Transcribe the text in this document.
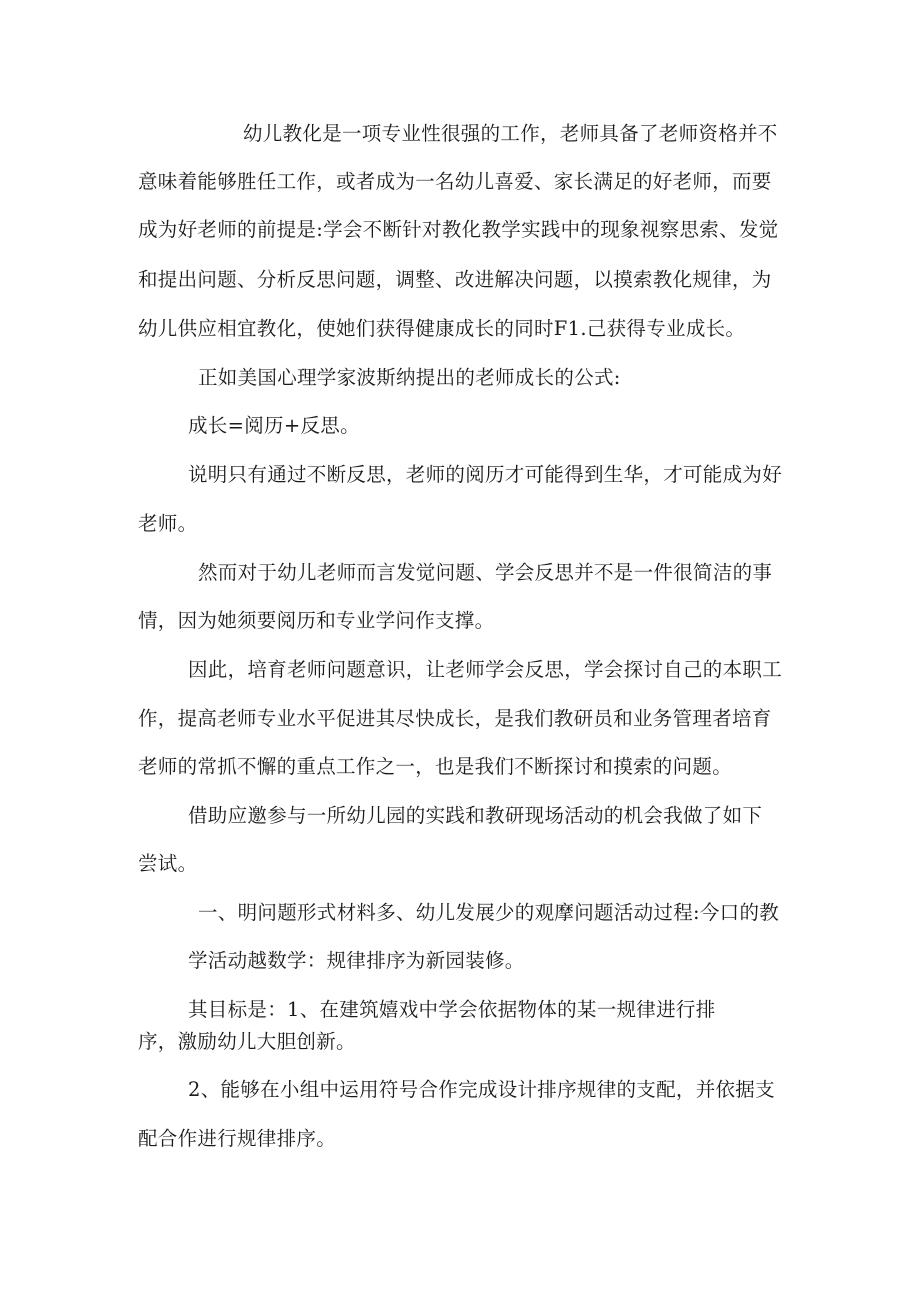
幼儿教化是一项专业性很强的工作，老师具备了老师资格并不
意味着能够胜任工作，或者成为一名幼儿喜爱、家长满足的好老师，而要
成为好老师的前提是:学会不断针对教化教学实践中的现象视察思索、发觉
和提出问题、分析反思问题，调整、改进解决问题，以摸索教化规律，为
幼儿供应相宜教化，使她们获得健康成长的同时F1.己获得专业成长。
正如美国心理学家波斯纳提出的老师成长的公式:
成长=阅历+反思。
说明只有通过不断反思，老师的阅历才可能得到生华，才可能成为好
老师。
然而对于幼儿老师而言发觉问题、学会反思并不是一件很简洁的事
情，因为她须要阅历和专业学问作支撑。
因此，培育老师问题意识，让老师学会反思，学会探讨自己的本职工
作，提高老师专业水平促进其尽快成长，是我们教研员和业务管理者培育
老师的常抓不懈的重点工作之一，也是我们不断探讨和摸索的问题。
借助应邀参与一所幼儿园的实践和教研现场活动的机会我做了如下
尝试。
一、明问题形式材料多、幼儿发展少的观摩问题活动过程:今口的教
学活动越数学：规律排序为新园装修。
其目标是：1、在建筑嬉戏中学会依据物体的某一规律进行排
序，激励幼儿大胆创新。
2、能够在小组中运用符号合作完成设计排序规律的支配，并依据支
配合作进行规律排序。
